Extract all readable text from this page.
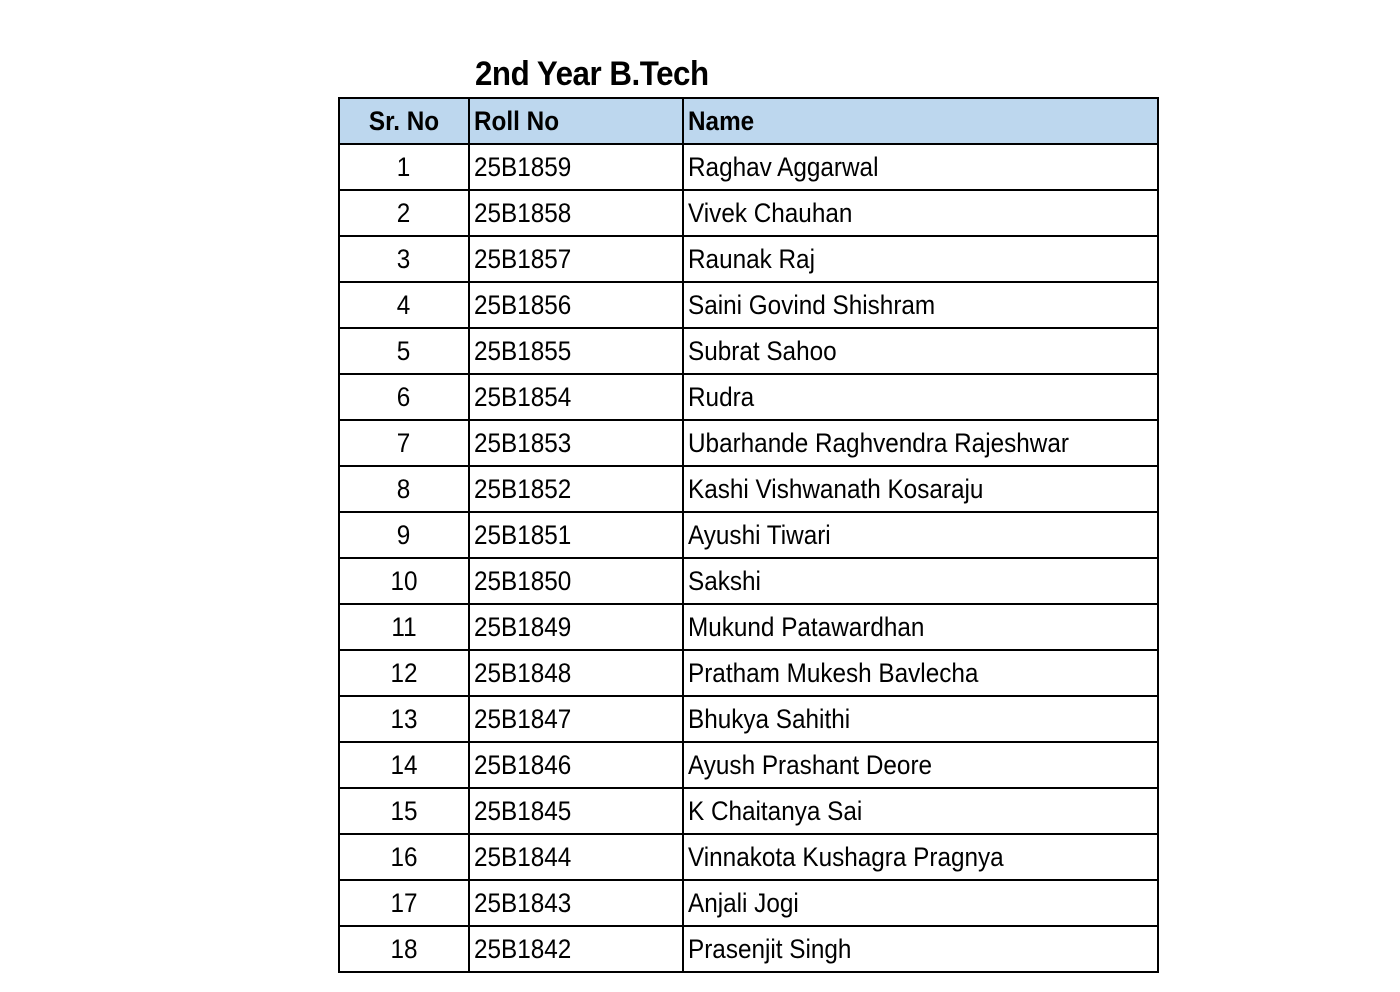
2nd Year B.Tech
Sr. No	Roll No	Name
1	25B1859	Raghav Aggarwal
2	25B1858	Vivek Chauhan
3	25B1857	Raunak Raj
4	25B1856	Saini Govind Shishram
5	25B1855	Subrat Sahoo
6	25B1854	Rudra
7	25B1853	Ubarhande Raghvendra Rajeshwar
8	25B1852	Kashi Vishwanath Kosaraju
9	25B1851	Ayushi Tiwari
10	25B1850	Sakshi
11	25B1849	Mukund Patawardhan
12	25B1848	Pratham Mukesh Bavlecha
13	25B1847	Bhukya Sahithi
14	25B1846	Ayush Prashant Deore
15	25B1845	K Chaitanya Sai
16	25B1844	Vinnakota Kushagra Pragnya
17	25B1843	Anjali Jogi
18	25B1842	Prasenjit Singh
